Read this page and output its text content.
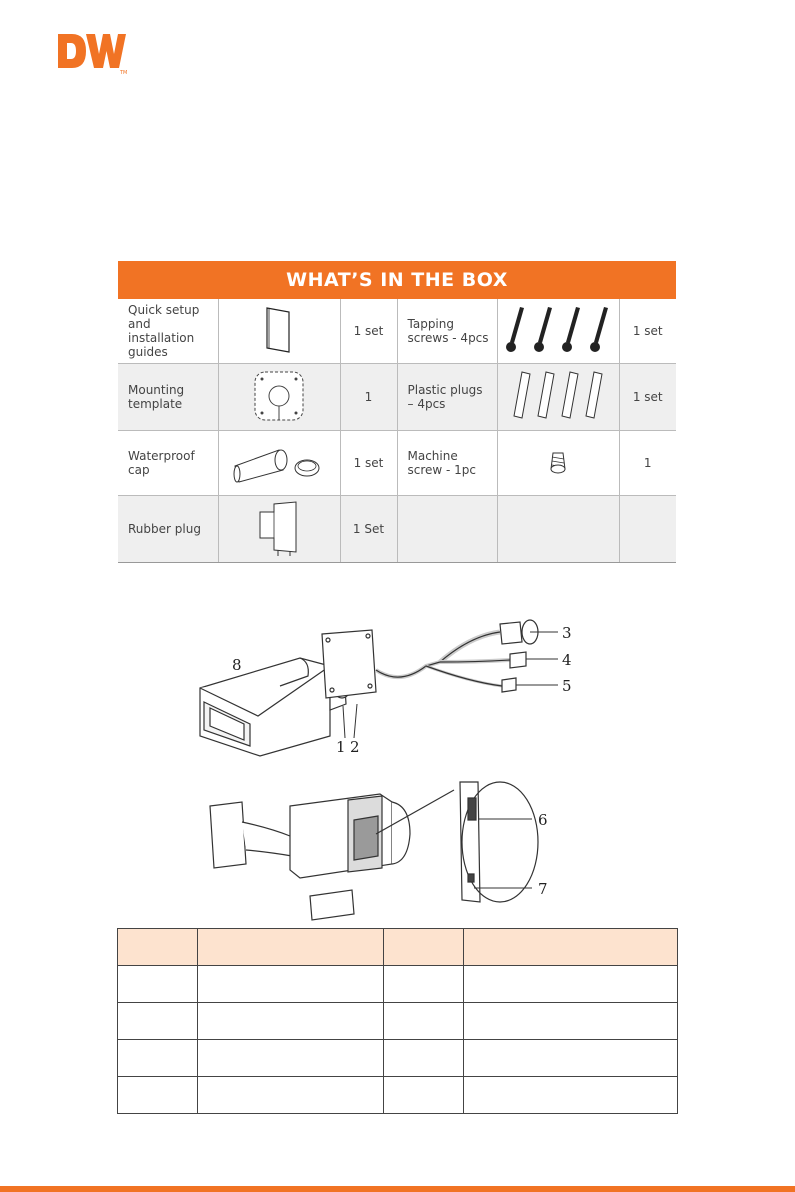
TM
WHAT’S IN THE BOX					
Quick setup and installation guides		1 set	Tapping screws - 4pcs		1 set
Mounting template		1	Plastic plugs – 4pcs		1 set
Waterproof cap		1 set	Machine screw - 1pc		1
Rubber plug		1 Set			
8
1 2
3
4
5
6
7
